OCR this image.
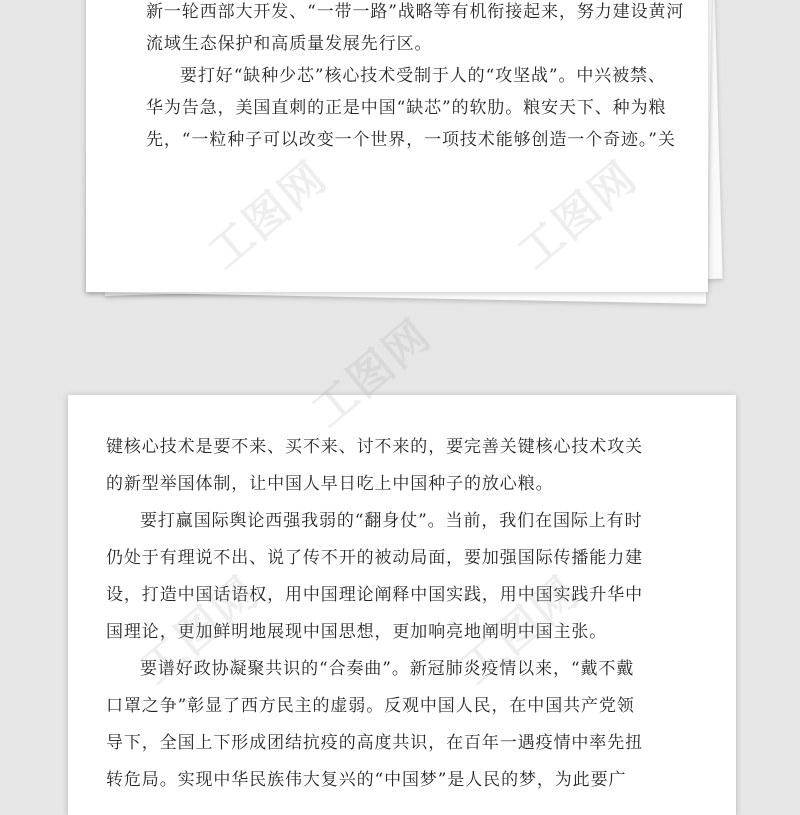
新一轮西部大开发、“一带一路”战略等有机衔接起来，努力建设黄河
流域生态保护和高质量发展先行区。
要打好“缺种少芯”核心技术受制于人的“攻坚战”。中兴被禁、
华为告急，美国直刺的正是中国“缺芯”的软肋。粮安天下、种为粮
先，“一粒种子可以改变一个世界，一项技术能够创造一个奇迹。”关
工图网	工图网
键核心技术是要不来、买不来、讨不来的，要完善关键核心技术攻关
的新型举国体制，让中国人早日吃上中国种子的放心粮。
要打赢国际舆论西强我弱的“翻身仗”。当前，我们在国际上有时
仍处于有理说不出、说了传不开的被动局面，要加强国际传播能力建
设，打造中国话语权，用中国理论阐释中国实践，用中国实践升华中
国理论，更加鲜明地展现中国思想，更加响亮地阐明中国主张。
要谱好政协凝聚共识的“合奏曲”。新冠肺炎疫情以来，“戴不戴
口罩之争”彰显了西方民主的虚弱。反观中国人民，在中国共产党领
导下，全国上下形成团结抗疫的高度共识，在百年一遇疫情中率先扭
转危局。实现中华民族伟大复兴的“中国梦”是人民的梦，为此要广
工图网	工图网
工图网
